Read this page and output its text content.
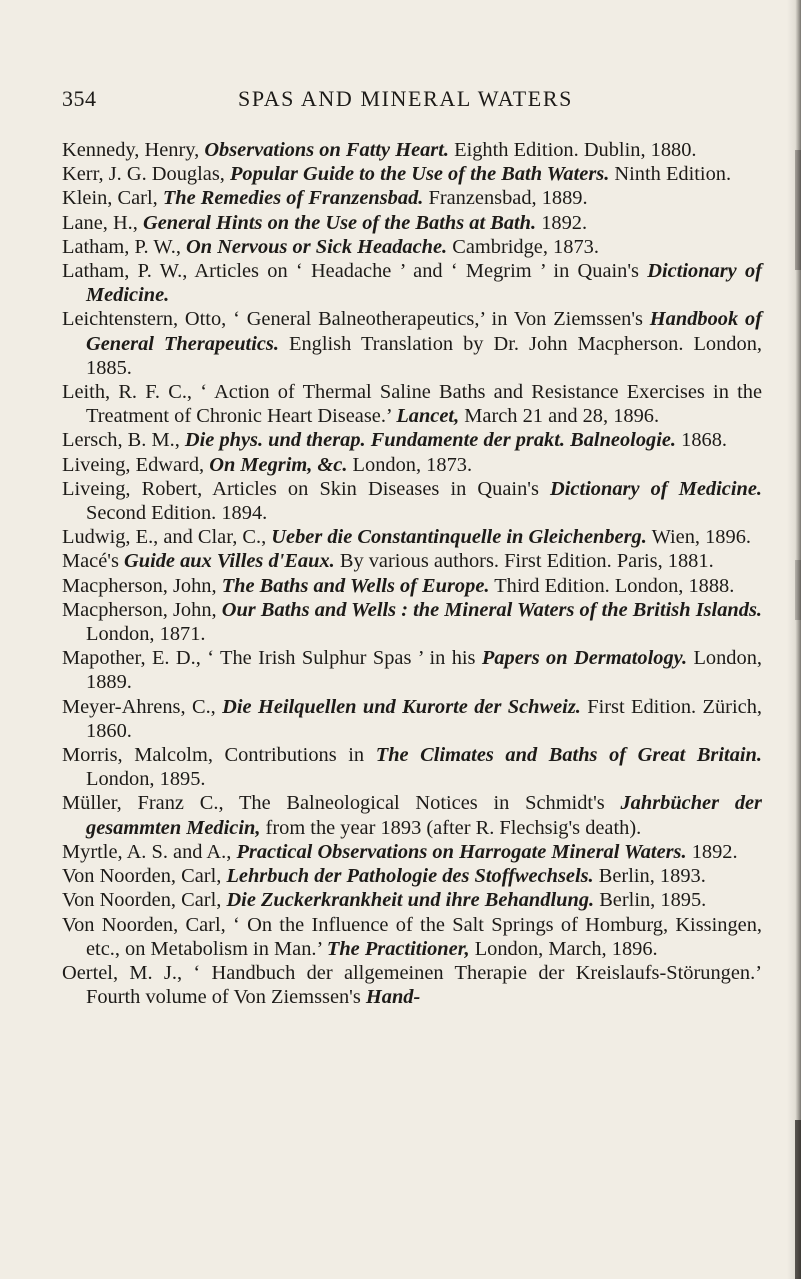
354	SPAS AND MINERAL WATERS

Kennedy, Henry, Observations on Fatty Heart. Eighth Edition. Dublin, 1880.

Kerr, J. G. Douglas, Popular Guide to the Use of the Bath Waters. Ninth Edition.

Klein, Carl, The Remedies of Franzensbad. Franzensbad, 1889.

Lane, H., General Hints on the Use of the Baths at Bath. 1892.

Latham, P. W., On Nervous or Sick Headache. Cambridge, 1873.

Latham, P. W., Articles on ‘ Headache ’ and ‘ Megrim ’ in Quain's Dictionary of Medicine.

Leichtenstern, Otto, ‘ General Balneotherapeutics,’ in Von Ziemssen's Handbook of General Therapeutics. English Translation by Dr. John Macpherson. London, 1885.

Leith, R. F. C., ‘ Action of Thermal Saline Baths and Resistance Exercises in the Treatment of Chronic Heart Disease.’ Lancet, March 21 and 28, 1896.

Lersch, B. M., Die phys. und therap. Fundamente der prakt. Balneologie. 1868.

Liveing, Edward, On Megrim, &c. London, 1873.

Liveing, Robert, Articles on Skin Diseases in Quain's Dictionary of Medicine. Second Edition. 1894.

Ludwig, E., and Clar, C., Ueber die Constantinquelle in Gleichenberg. Wien, 1896.

Macé's Guide aux Villes d'Eaux. By various authors. First Edition. Paris, 1881.

Macpherson, John, The Baths and Wells of Europe. Third Edition. London, 1888.

Macpherson, John, Our Baths and Wells : the Mineral Waters of the British Islands. London, 1871.

Mapother, E. D., ‘ The Irish Sulphur Spas ’ in his Papers on Dermatology. London, 1889.

Meyer-Ahrens, C., Die Heilquellen und Kurorte der Schweiz. First Edition. Zürich, 1860.

Morris, Malcolm, Contributions in The Climates and Baths of Great Britain. London, 1895.

Müller, Franz C., The Balneological Notices in Schmidt's Jahrbücher der gesammten Medicin, from the year 1893 (after R. Flechsig's death).

Myrtle, A. S. and A., Practical Observations on Harrogate Mineral Waters. 1892.

Von Noorden, Carl, Lehrbuch der Pathologie des Stoffwechsels. Berlin, 1893.

Von Noorden, Carl, Die Zuckerkrankheit und ihre Behandlung. Berlin, 1895.

Von Noorden, Carl, ‘ On the Influence of the Salt Springs of Homburg, Kissingen, etc., on Metabolism in Man.’ The Practitioner, London, March, 1896.

Oertel, M. J., ‘ Handbuch der allgemeinen Therapie der Kreislaufs-Störungen.’ Fourth volume of Von Ziemssen's Hand-
